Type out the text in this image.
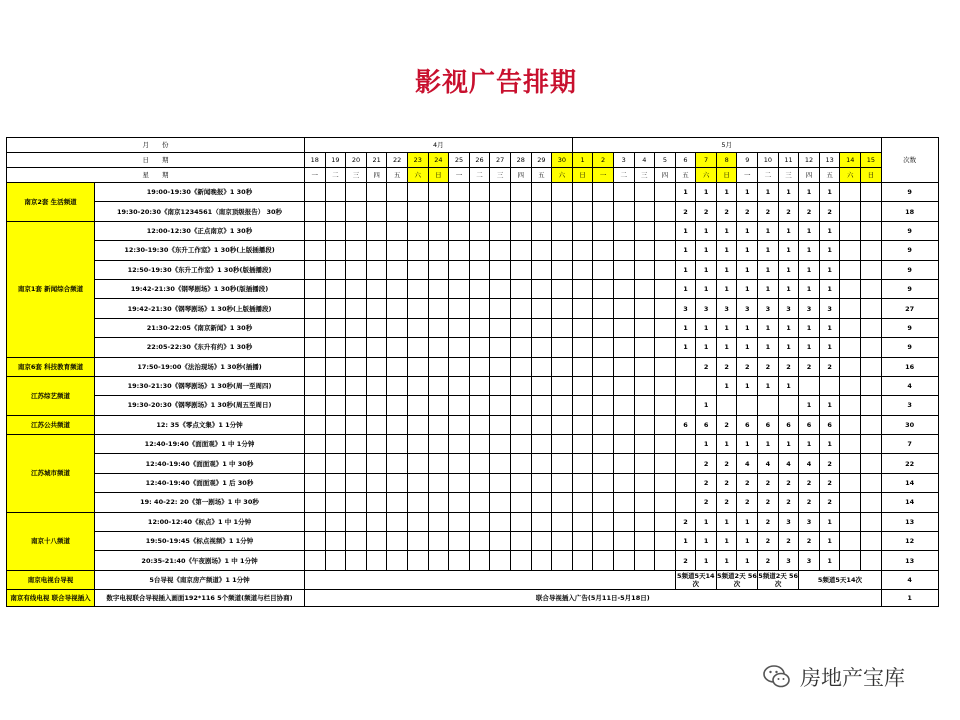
影视广告排期
月　　份		4月													5月															次数
日　　期		18	19	20	21	22	23	24	25	26	27	28	29	30	1	2	3	4	5	6	7	8	9	10	11	12	13	14	15	
星　　期		一	二	三	四	五	六	日	一	二	三	四	五	六	日	一	二	三	四	五	六	日	一	二	三	四	五	六	日	
南京2套 生活频道	19:00-19:30《新闻晚报》1 30秒																			1	1	1	1	1	1	1	1			9
	19:30-20:30《南京1234561（南京顶级报告） 30秒																			2	2	2	2	2	2	2	2			18
南京1套 新闻综合频道	12:00-12:30《正点南京》1 30秒																			1	1	1	1	1	1	1	1			9
	12:30-19:30《东升工作室》1 30秒(上版插播段)																			1	1	1	1	1	1	1	1			9
	12:50-19:30《东升工作室》1 30秒(版插播段)																			1	1	1	1	1	1	1	1			9
	19:42-21:30《钢琴剧场》1 30秒(版插播段)																			1	1	1	1	1	1	1	1			9
	19:42-21:30《钢琴剧场》1 30秒(上版插播段)																			3	3	3	3	3	3	3	3			27
	21:30-22:05《南京新闻》1 30秒																			1	1	1	1	1	1	1	1			9
	22:05-22:30《东升有约》1 30秒																			1	1	1	1	1	1	1	1			9
南京6套 科技教育频道	17:50-19:00《法治现场》1 30秒(插播)																				2	2	2	2	2	2	2			16
江苏综艺频道	19:30-21:30《钢琴剧场》1 30秒(周一至周四)																					1	1	1	1					4
	19:30-20:30《钢琴剧场》1 30秒(周五至周日)																				1					1	1			3
江苏公共频道	12: 35《零点文集》1 1分钟																			6	6	2	6	6	6	6	6			30
江苏城市频道	12:40-19:40《面面观》1 中 1分钟																				1	1	1	1	1	1	1			7
	12:40-19:40《面面观》1 中 30秒																				2	2	4	4	4	4	2			22
	12:40-19:40《面面观》1 后 30秒																				2	2	2	2	2	2	2			14
	19: 40-22: 20《第一剧场》1 中 30秒																				2	2	2	2	2	2	2			14
南京十八频道	12:00-12:40《标点》1 中 1分钟																			2	1	1	1	2	3	3	1			13
	19:50-19:45《标点视频》1 1分钟																			1	1	1	1	2	2	2	1			12
	20:35-21:40《午夜剧场》1 中 1分钟																			2	1	1	1	2	3	3	1			13
南京电视台导视	5台导视《南京房产频道》1 1分钟																			5频道5天14次		5频道2天 56次		5频道2天 56次		5频道5天14次				4
南京有线电视 联合导视插入	数字电视联合导视插入画面192*116 5个频道(频道与栏目协商)	联合导视插入广告(5月11日-5月18日)																												1
房地产宝库
